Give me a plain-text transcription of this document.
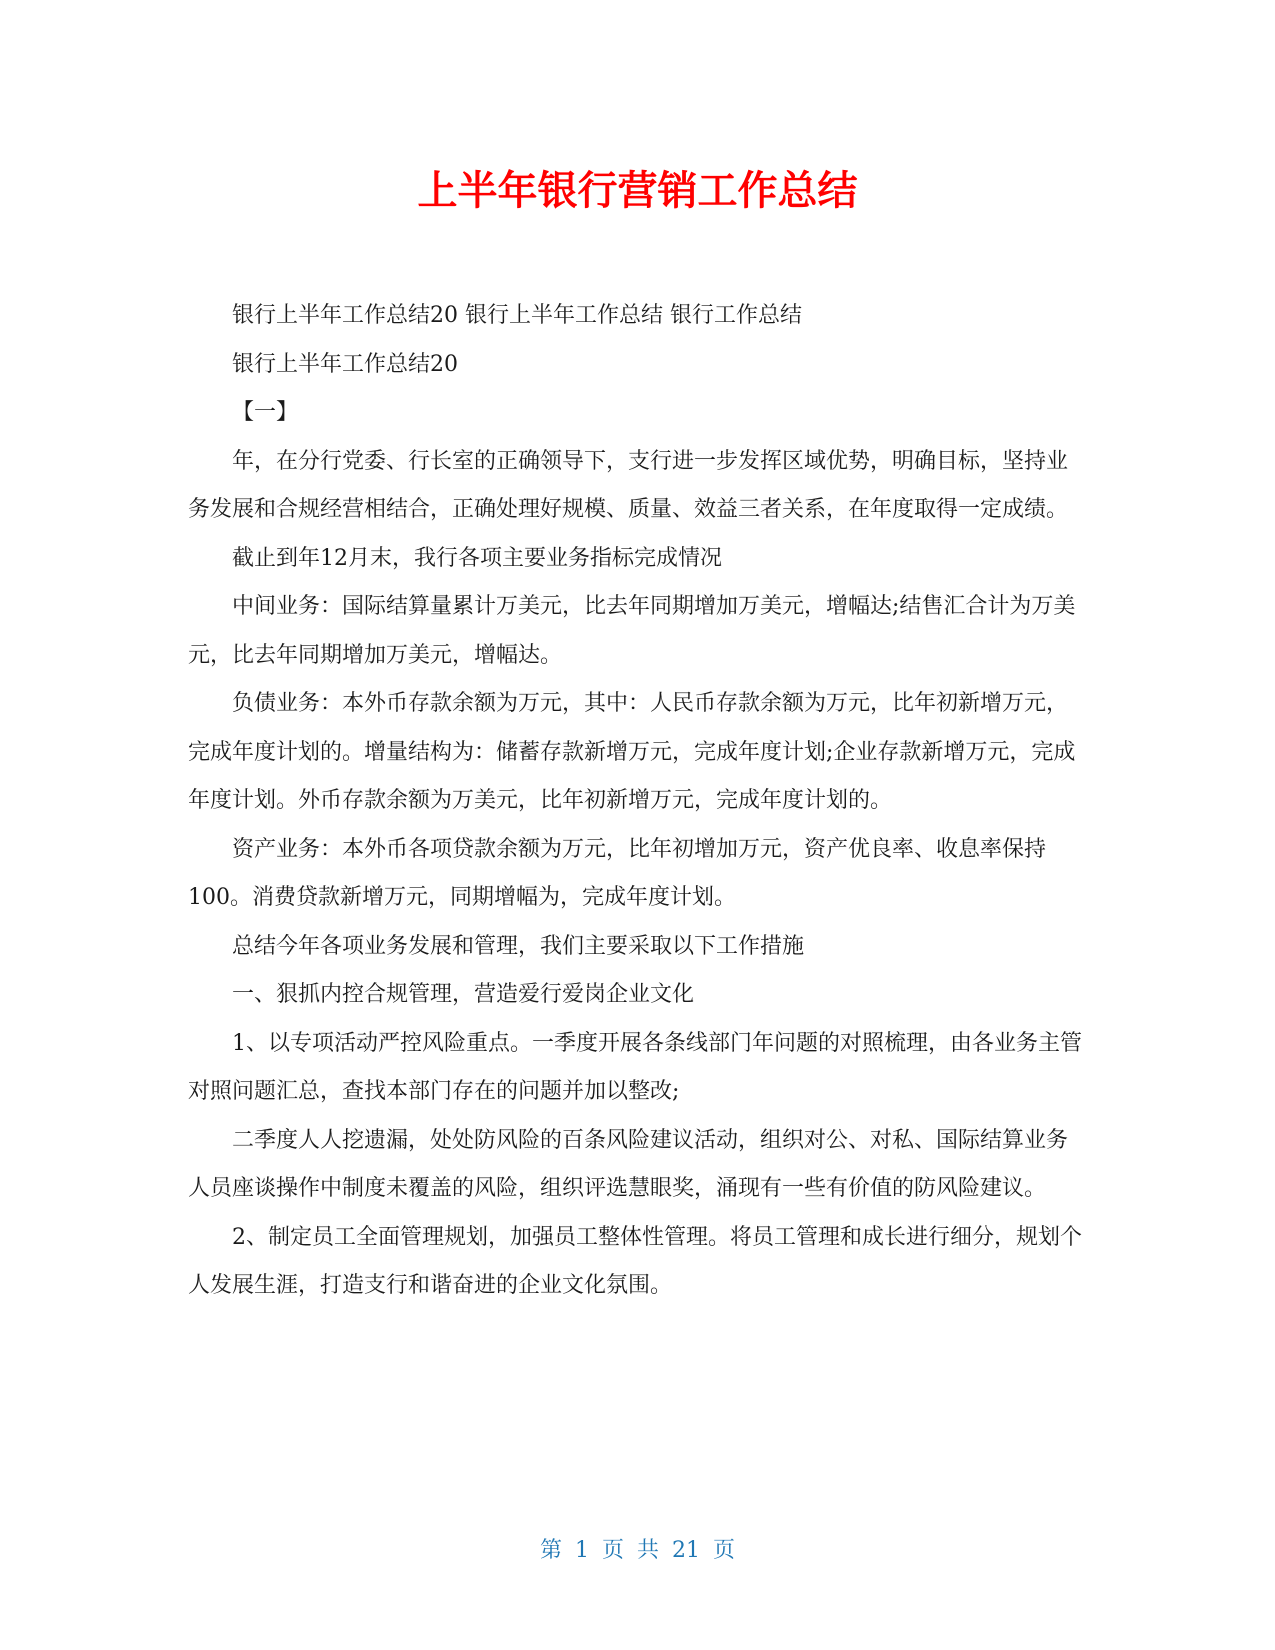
上半年银行营销工作总结

银行上半年工作总结20 银行上半年工作总结 银行工作总结

银行上半年工作总结20

【一】

年，在分行党委、行长室的正确领导下，支行进一步发挥区域优势，明确目标，坚持业务发展和合规经营相结合，正确处理好规模、质量、效益三者关系，在年度取得一定成绩。

截止到年12月末，我行各项主要业务指标完成情况

中间业务：国际结算量累计万美元，比去年同期增加万美元，增幅达;结售汇合计为万美元，比去年同期增加万美元，增幅达。

负债业务：本外币存款余额为万元，其中：人民币存款余额为万元，比年初新增万元，完成年度计划的。增量结构为：储蓄存款新增万元，完成年度计划;企业存款新增万元，完成年度计划。外币存款余额为万美元，比年初新增万元，完成年度计划的。

资产业务：本外币各项贷款余额为万元，比年初增加万元，资产优良率、收息率保持100。消费贷款新增万元，同期增幅为，完成年度计划。

总结今年各项业务发展和管理，我们主要采取以下工作措施

一、狠抓内控合规管理，营造爱行爱岗企业文化

1、以专项活动严控风险重点。一季度开展各条线部门年问题的对照梳理，由各业务主管对照问题汇总，查找本部门存在的问题并加以整改;

二季度人人挖遗漏，处处防风险的百条风险建议活动，组织对公、对私、国际结算业务人员座谈操作中制度未覆盖的风险，组织评选慧眼奖，涌现有一些有价值的防风险建议。

2、制定员工全面管理规划，加强员工整体性管理。将员工管理和成长进行细分，规划个人发展生涯，打造支行和谐奋进的企业文化氛围。

第 1 页 共 21 页
